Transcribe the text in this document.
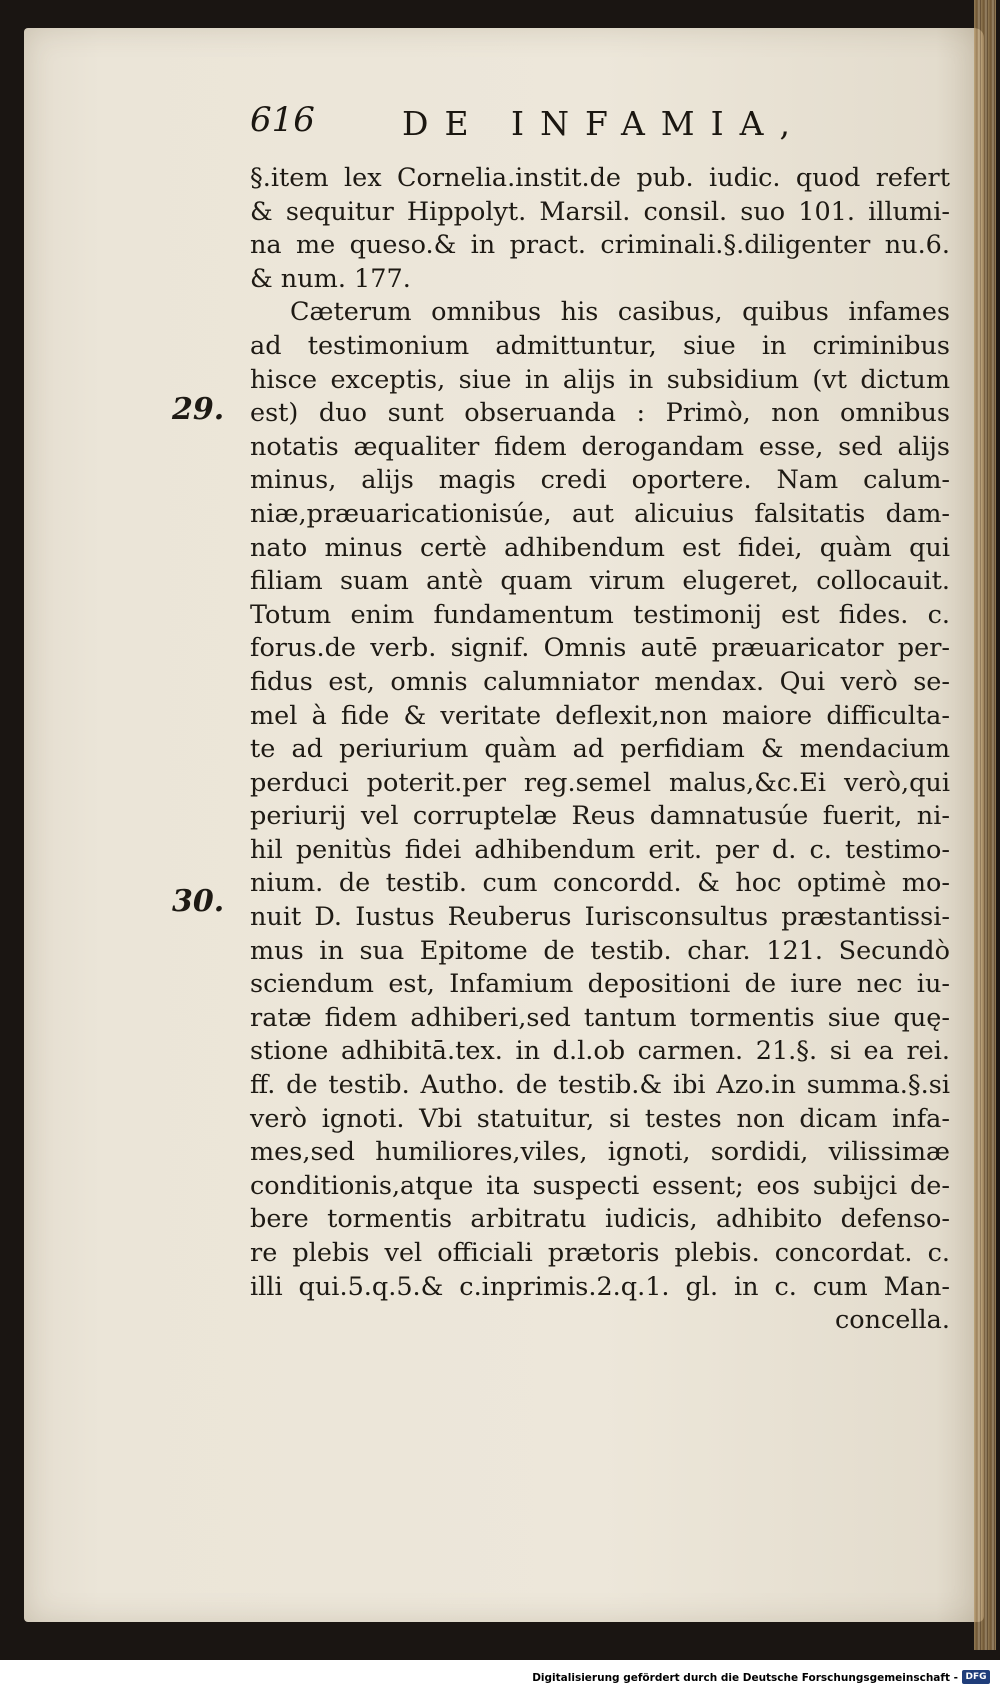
616	DE INFAMIA,
29.
30.
§.item lex Cornelia.instit.de pub. iudic. quod refert
& sequitur Hippolyt. Marsil. consil. suo 101. illumi-
na me queso.& in pract. criminali.§.diligenter nu.6.
& num. 177.
Cæterum omnibus his casibus, quibus infames
ad testimonium admittuntur, siue in criminibus
hisce exceptis, siue in alijs in subsidium (vt dictum
est) duo sunt obseruanda : Primò, non omnibus
notatis æqualiter fidem derogandam esse, sed alijs
minus, alijs magis credi oportere. Nam calum-
niæ,præuaricationisúe, aut alicuius falsitatis dam-
nato minus certè adhibendum est fidei, quàm qui
filiam suam antè quam virum elugeret, collocauit.
Totum enim fundamentum testimonij est fides. c.
forus.de verb. signif. Omnis autē præuaricator per-
fidus est, omnis calumniator mendax. Qui verò se-
mel à fide & veritate deflexit,non maiore difficulta-
te ad periurium quàm ad perfidiam & mendacium
perduci poterit.per reg.semel malus,&c.Ei verò,qui
periurij vel corruptelæ Reus damnatusúe fuerit, ni-
hil penitùs fidei adhibendum erit. per d. c. testimo-
nium. de testib. cum concordd. & hoc optimè mo-
nuit D. Iustus Reuberus Iurisconsultus præstantissi-
mus in sua Epitome de testib. char. 121. Secundò
sciendum est, Infamium depositioni de iure nec iu-
ratæ fidem adhiberi,sed tantum tormentis siue quę-
stione adhibitā.tex. in d.l.ob carmen. 21.§. si ea rei.
ff. de testib. Autho. de testib.& ibi Azo.in summa.§.si
verò ignoti. Vbi statuitur, si testes non dicam infa-
mes,sed humiliores,viles, ignoti, sordidi, vilissimæ
conditionis,atque ita suspecti essent; eos subijci de-
bere tormentis arbitratu iudicis, adhibito defenso-
re plebis vel officiali prætoris plebis. concordat. c.
illi qui.5.q.5.& c.inprimis.2.q.1. gl. in c. cum Man-
concella.
Digitalisierung gefördert durch die Deutsche Forschungsgemeinschaft - DFG
